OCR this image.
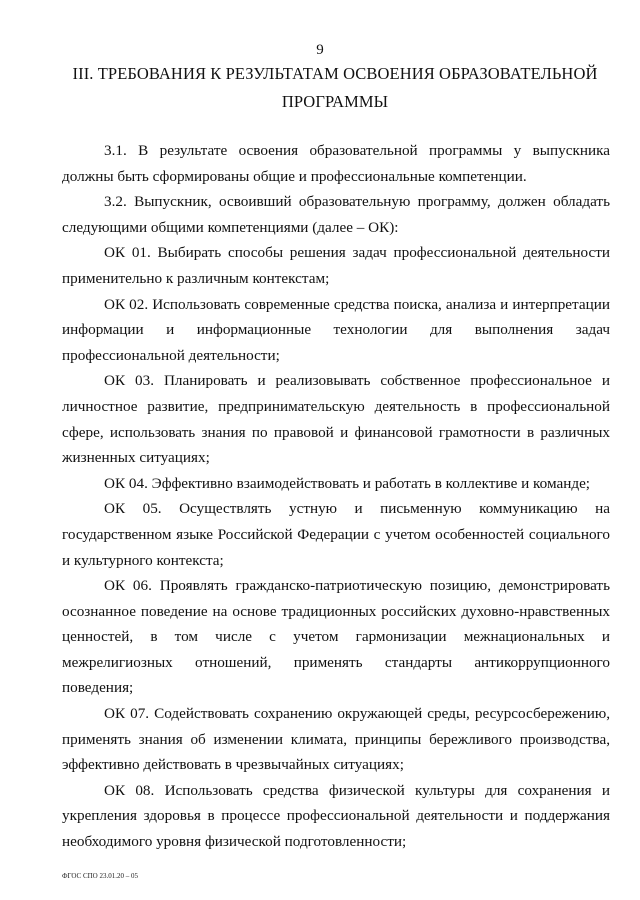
9
III. ТРЕБОВАНИЯ К РЕЗУЛЬТАТАМ ОСВОЕНИЯ ОБРАЗОВАТЕЛЬНОЙ ПРОГРАММЫ

3.1. В результате освоения образовательной программы у выпускника должны быть сформированы общие и профессиональные компетенции.

3.2. Выпускник, освоивший образовательную программу, должен обладать следующими общими компетенциями (далее – ОК):

ОК 01. Выбирать способы решения задач профессиональной деятельности применительно к различным контекстам;

ОК 02. Использовать современные средства поиска, анализа и интерпретации информации и информационные технологии для выполнения задач профессиональной деятельности;

ОК 03. Планировать и реализовывать собственное профессиональное и личностное развитие, предпринимательскую деятельность в профессиональной сфере, использовать знания по правовой и финансовой грамотности в различных жизненных ситуациях;

ОК 04. Эффективно взаимодействовать и работать в коллективе и команде;

ОК 05. Осуществлять устную и письменную коммуникацию на государственном языке Российской Федерации с учетом особенностей социального и культурного контекста;

ОК 06. Проявлять гражданско-патриотическую позицию, демонстрировать осознанное поведение на основе традиционных российских духовно-нравственных ценностей, в том числе с учетом гармонизации межнациональных и межрелигиозных отношений, применять стандарты антикоррупционного поведения;

ОК 07. Содействовать сохранению окружающей среды, ресурсосбережению, применять знания об изменении климата, принципы бережливого производства, эффективно действовать в чрезвычайных ситуациях;

ОК 08. Использовать средства физической культуры для сохранения и укрепления здоровья в процессе профессиональной деятельности и поддержания необходимого уровня физической подготовленности;

ФГОС СПО 23.01.20 – 05
